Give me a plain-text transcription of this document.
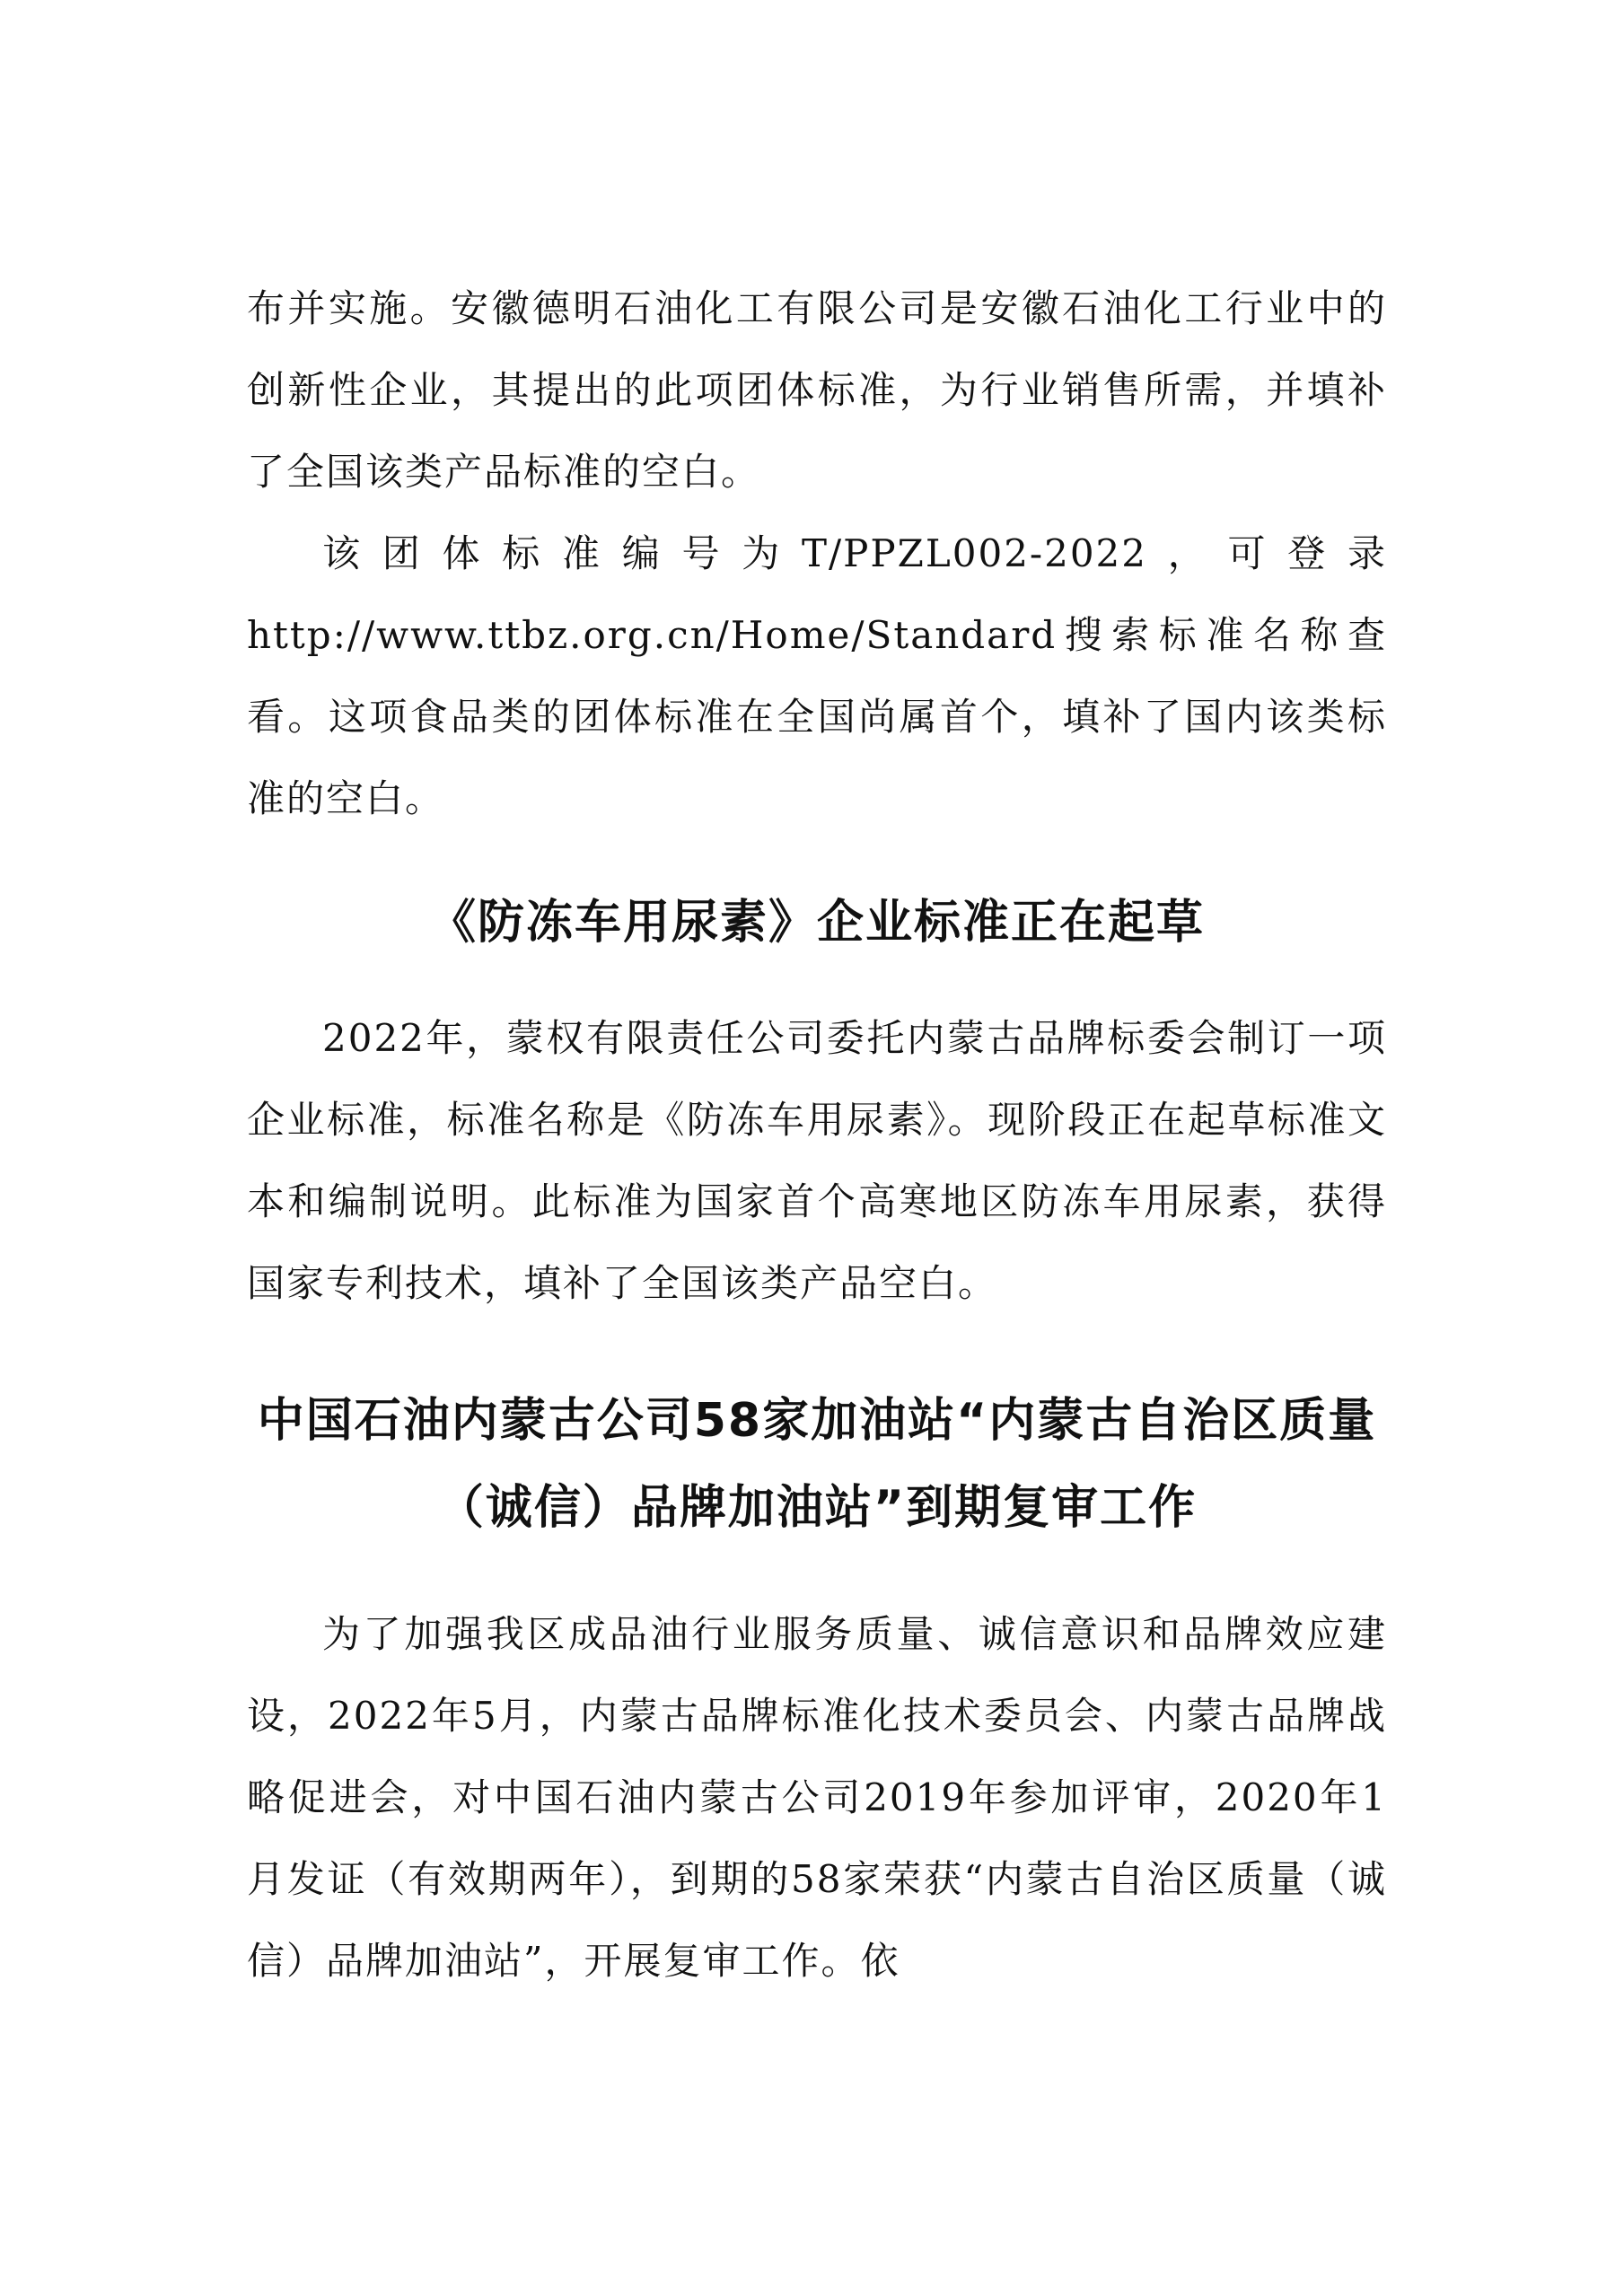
布并实施。安徽德明石油化工有限公司是安徽石油化工行业中的创新性企业，其提出的此项团体标准，为行业销售所需，并填补了全国该类产品标准的空白。

该团体标准编号为T/PPZL002-2022，可登录http://www.ttbz.org.cn/Home/Standard搜索标准名称查看。这项食品类的团体标准在全国尚属首个，填补了国内该类标准的空白。

《防冻车用尿素》企业标准正在起草

2022年，蒙权有限责任公司委托内蒙古品牌标委会制订一项企业标准，标准名称是《防冻车用尿素》。现阶段正在起草标准文本和编制说明。此标准为国家首个高寒地区防冻车用尿素，获得国家专利技术，填补了全国该类产品空白。

中国石油内蒙古公司58家加油站“内蒙古自治区质量（诚信）品牌加油站”到期复审工作

为了加强我区成品油行业服务质量、诚信意识和品牌效应建设，2022年5月，内蒙古品牌标准化技术委员会、内蒙古品牌战略促进会，对中国石油内蒙古公司2019年参加评审，2020年1月发证（有效期两年），到期的58家荣获“内蒙古自治区质量（诚信）品牌加油站”，开展复审工作。依
